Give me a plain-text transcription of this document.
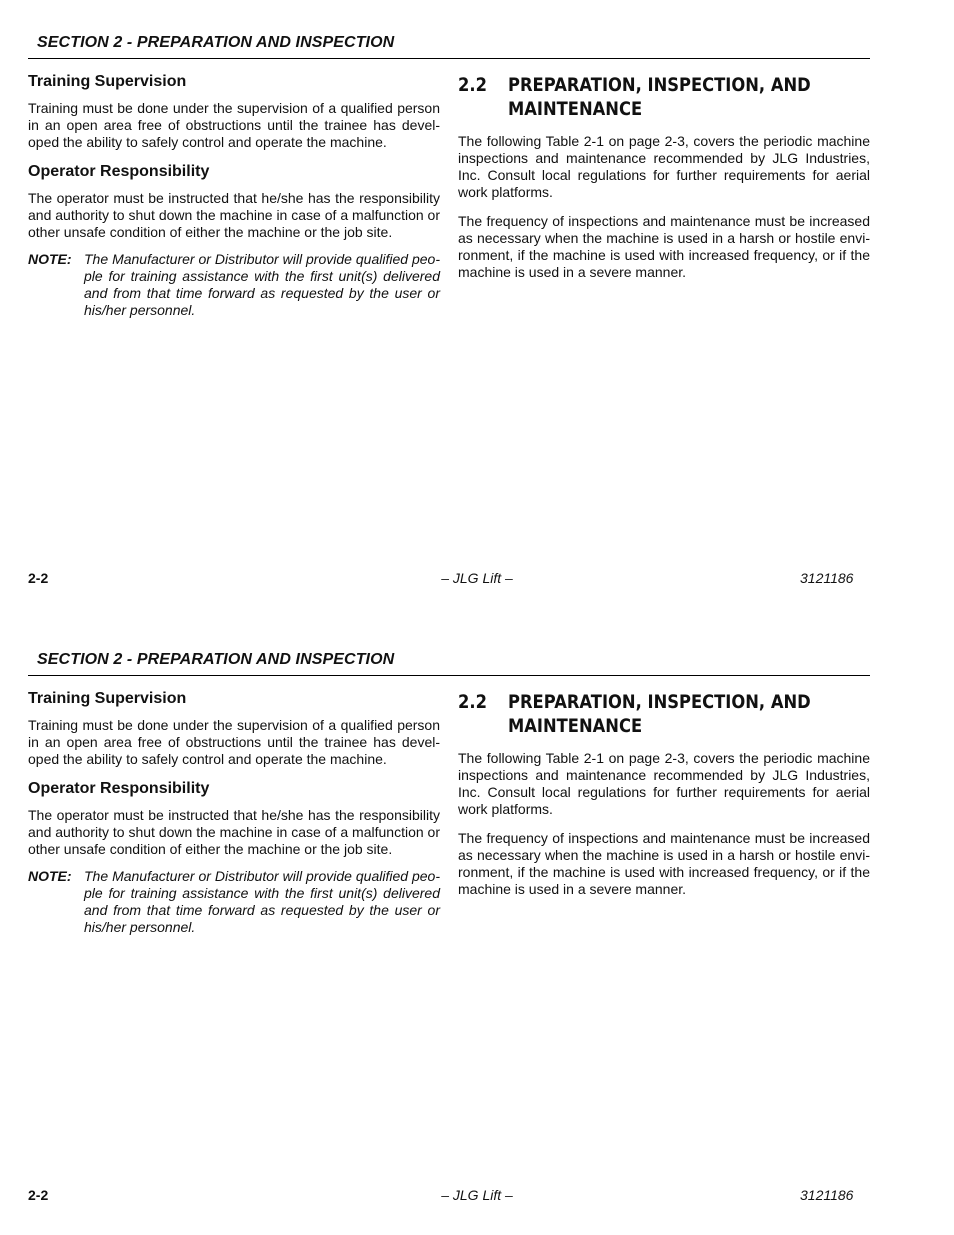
SECTION 2 - PREPARATION AND INSPECTION
Training Supervision

Training must be done under the supervision of a qualified person in an open area free of obstructions until the trainee has devel-oped the ability to safely control and operate the machine.

Operator Responsibility

The operator must be instructed that he/she has the responsibility and authority to shut down the machine in case of a malfunction or other unsafe condition of either the machine or the job site.

NOTE: The Manufacturer or Distributor will provide qualified peo-ple for training assistance with the first unit(s) delivered and from that time forward as requested by the user or his/her personnel.
2.2	PREPARATION, INSPECTION, AND MAINTENANCE

The following Table 2-1 on page 2-3, covers the periodic machine inspections and maintenance recommended by JLG Industries, Inc. Consult local regulations for further requirements for aerial work platforms.

The frequency of inspections and maintenance must be increased as necessary when the machine is used in a harsh or hostile envi-ronment, if the machine is used with increased frequency, or if the machine is used in a severe manner.

2-2	– JLG Lift –	3121186
SECTION 2 - PREPARATION AND INSPECTION
Training Supervision

Training must be done under the supervision of a qualified person in an open area free of obstructions until the trainee has devel-oped the ability to safely control and operate the machine.

Operator Responsibility

The operator must be instructed that he/she has the responsibility and authority to shut down the machine in case of a malfunction or other unsafe condition of either the machine or the job site.

NOTE: The Manufacturer or Distributor will provide qualified peo-ple for training assistance with the first unit(s) delivered and from that time forward as requested by the user or his/her personnel.
2.2	PREPARATION, INSPECTION, AND MAINTENANCE

The following Table 2-1 on page 2-3, covers the periodic machine inspections and maintenance recommended by JLG Industries, Inc. Consult local regulations for further requirements for aerial work platforms.

The frequency of inspections and maintenance must be increased as necessary when the machine is used in a harsh or hostile envi-ronment, if the machine is used with increased frequency, or if the machine is used in a severe manner.

2-2	– JLG Lift –	3121186
